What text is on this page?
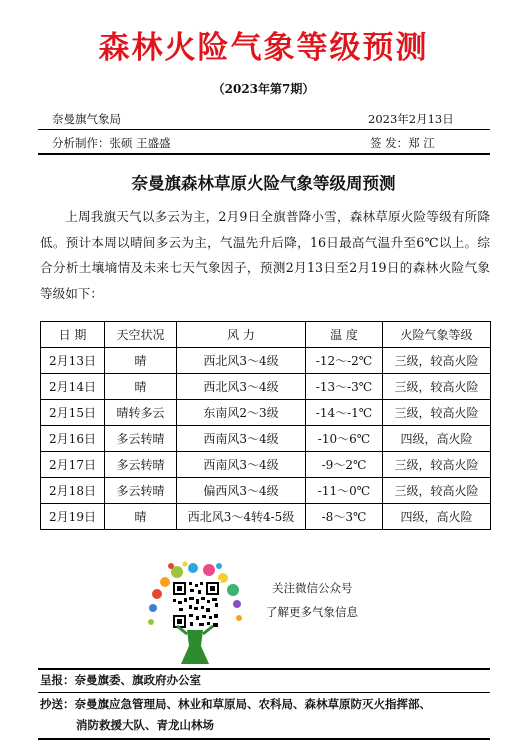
森林火险气象等级预测
（2023年第7期）
奈曼旗气象局	2023年2月13日
分析制作：张硕 王盛盛	签 发：郑 江
奈曼旗森林草原火险气象等级周预测

上周我旗天气以多云为主，2月9日全旗普降小雪，森林草原火险等级有所降低。预计本周以晴间多云为主，气温先升后降，16日最高气温升至6℃以上。综合分析土壤墒情及未来七天气象因子，预测2月13日至2月19日的森林火险气象等级如下：

日 期	天空状况	风 力	温 度	火险气象等级
2月13日	晴	西北风3～4级	-12～-2℃	三级，较高火险
2月14日	晴	西北风3～4级	-13～-3℃	三级，较高火险
2月15日	晴转多云	东南风2～3级	-14～-1℃	三级，较高火险
2月16日	多云转晴	西南风3～4级	-10～6℃	四级，高火险
2月17日	多云转晴	西南风3～4级	-9～2℃	三级，较高火险
2月18日	多云转晴	偏西风3～4级	-11～0℃	三级，较高火险
2月19日	晴	西北风3～4转4-5级	-8～3℃	四级，高火险
关注微信公众号
了解更多气象信息
呈报：奈曼旗委、旗政府办公室
抄送：奈曼旗应急管理局、林业和草原局、农科局、森林草原防灭火指挥部、
消防救援大队、青龙山林场
